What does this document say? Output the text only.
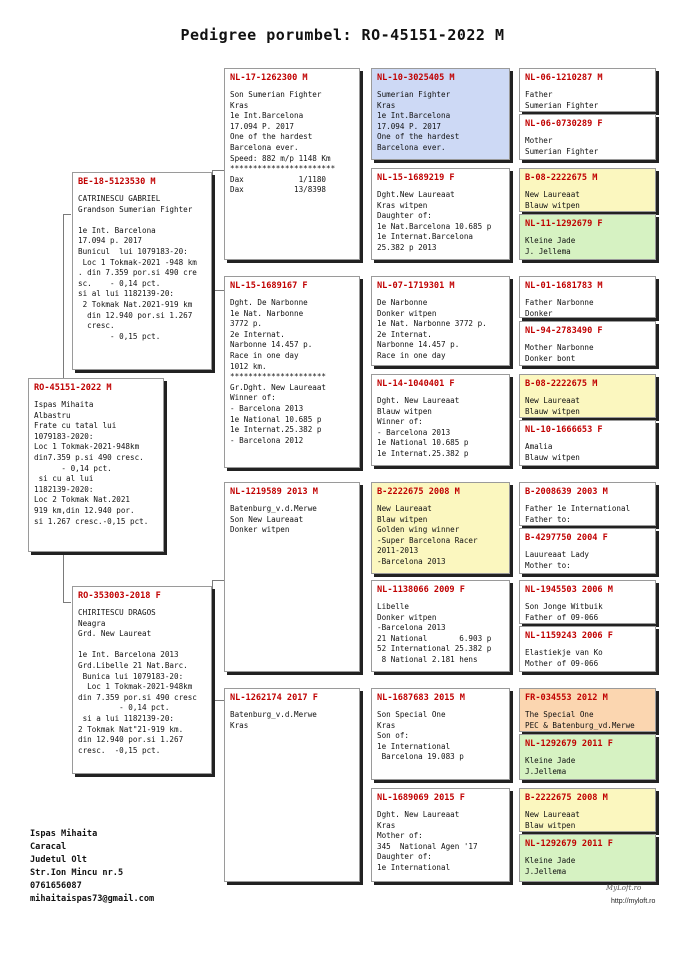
Pedigree porumbel: RO-45151-2022 M
RO-45151-2022 M
Ispas Mihaita
Albastru
Frate cu tatal lui
1079183-2020:
Loc 1 Tokmak-2021-948km
din7.359 p.si 490 cresc.
- 0,14 pct.
si cu al lui
1182139-2020:
Loc 2 Tokmak Nat.2021
919 km,din 12.940 por.
si 1.267 cresc.-0,15 pct.
BE-18-5123530 M
CATRINESCU GABRIEL
Grandson Sumerian Fighter

1e Int. Barcelona
17.094 p. 2017
Bunicul  lui 1079183-20:
Loc 1 Tokmak-2021 -948 km
. din 7.359 por.si 490 cre
sc.    - 0,14 pct.
si al lui 1182139-20:
2 Tokmak Nat.2021-919 km
din 12.940 por.si 1.267
cresc.
- 0,15 pct.
RO-353003-2018 F
CHIRITESCU DRAGOS
Neagra
Grd. New Laureat

1e Int. Barcelona 2013
Grd.Libelle 21 Nat.Barc.
Bunica lui 1079183-20:
Loc 1 Tokmak-2021-948km
din 7.359 por.si 490 cresc
- 0,14 pct.
si a lui 1182139-20:
2 Tokmak Nat"21-919 km.
din 12.940 por.si 1.267
cresc.  -0,15 pct.
NL-17-1262300 M
Son Sumerian Fighter
Kras
1e Int.Barcelona
17.094 P. 2017
One of the hardest
Barcelona ever.
Speed: 882 m/p 1148 Km
***********************
Dax            1/1180
Dax           13/8398
NL-15-1689167 F
Dght. De Narbonne
1e Nat. Narbonne
3772 p.
2e Internat.
Narbonne 14.457 p.
Race in one day
1012 km.
*********************
Gr.Dght. New Laureaat
Winner of:
- Barcelona 2013
1e National 10.685 p
1e Internat.25.382 p
- Barcelona 2012
NL-1219589 2013 M
Batenburg_v.d.Merwe
Son New Laureaat
Donker witpen
NL-1262174 2017 F
Batenburg_v.d.Merwe
Kras
NL-10-3025405 M
Sumerian Fighter
Kras
1e Int.Barcelona
17.094 P. 2017
One of the hardest
Barcelona ever.
NL-15-1689219 F
Dght.New Laureaat
Kras witpen
Daughter of:
1e Nat.Barcelona 10.685 p
1e Internat.Barcelona
25.382 p 2013
NL-07-1719301 M
De Narbonne
Donker witpen
1e Nat. Narbonne 3772 p.
2e Internat.
Narbonne 14.457 p.
Race in one day
NL-14-1040401 F
Dght. New Laureaat
Blauw witpen
Winner of:
- Barcelona 2013
1e National 10.685 p
1e Internat.25.382 p
B-2222675 2008 M
New Laureaat
Blaw witpen
Golden wing winner
-Super Barcelona Racer
2011-2013
-Barcelona 2013
NL-1138066 2009 F
Libelle
Donker witpen
-Barcelona 2013
21 National       6.903 p
52 International 25.382 p
8 National 2.181 hens
NL-1687683 2015 M
Son Special One
Kras
Son of:
1e International
Barcelona 19.083 p
NL-1689069 2015 F
Dght. New Laureaat
Kras
Mother of:
345  National Agen '17
Daughter of:
1e International
NL-06-1210287 M
Father
Sumerian Fighter
NL-06-0730289 F
Mother
Sumerian Fighter
B-08-2222675 M
New Laureaat
Blauw witpen
NL-11-1292679 F
Kleine Jade
J. Jellema
NL-01-1681783 M
Father Narbonne
Donker
NL-94-2783490 F
Mother Narbonne
Donker bont
B-08-2222675 M
New Laureaat
Blauw witpen
NL-10-1666653 F
Amalia
Blauw witpen
B-2008639 2003 M
Father 1e International
Father to:
B-4297750 2004 F
Lauureaat Lady
Mother to:
NL-1945503 2006 M
Son Jonge Witbuik
Father of 09-066
NL-1159243 2006 F
Elastiekje van Ko
Mother of 09-066
FR-034553 2012 M
The Special One
PEC & Batenburg_vd.Merwe
NL-1292679 2011 F
Kleine Jade
J.Jellema
B-2222675 2008 M
New Laureaat
Blaw witpen
NL-1292679 2011 F
Kleine Jade
J.Jellema
Ispas Mihaita
Caracal
Judetul Olt
Str.Ion Mincu nr.5
0761656087
mihaitaispas73@gmail.com
MyLoft.ro
http://myloft.ro
